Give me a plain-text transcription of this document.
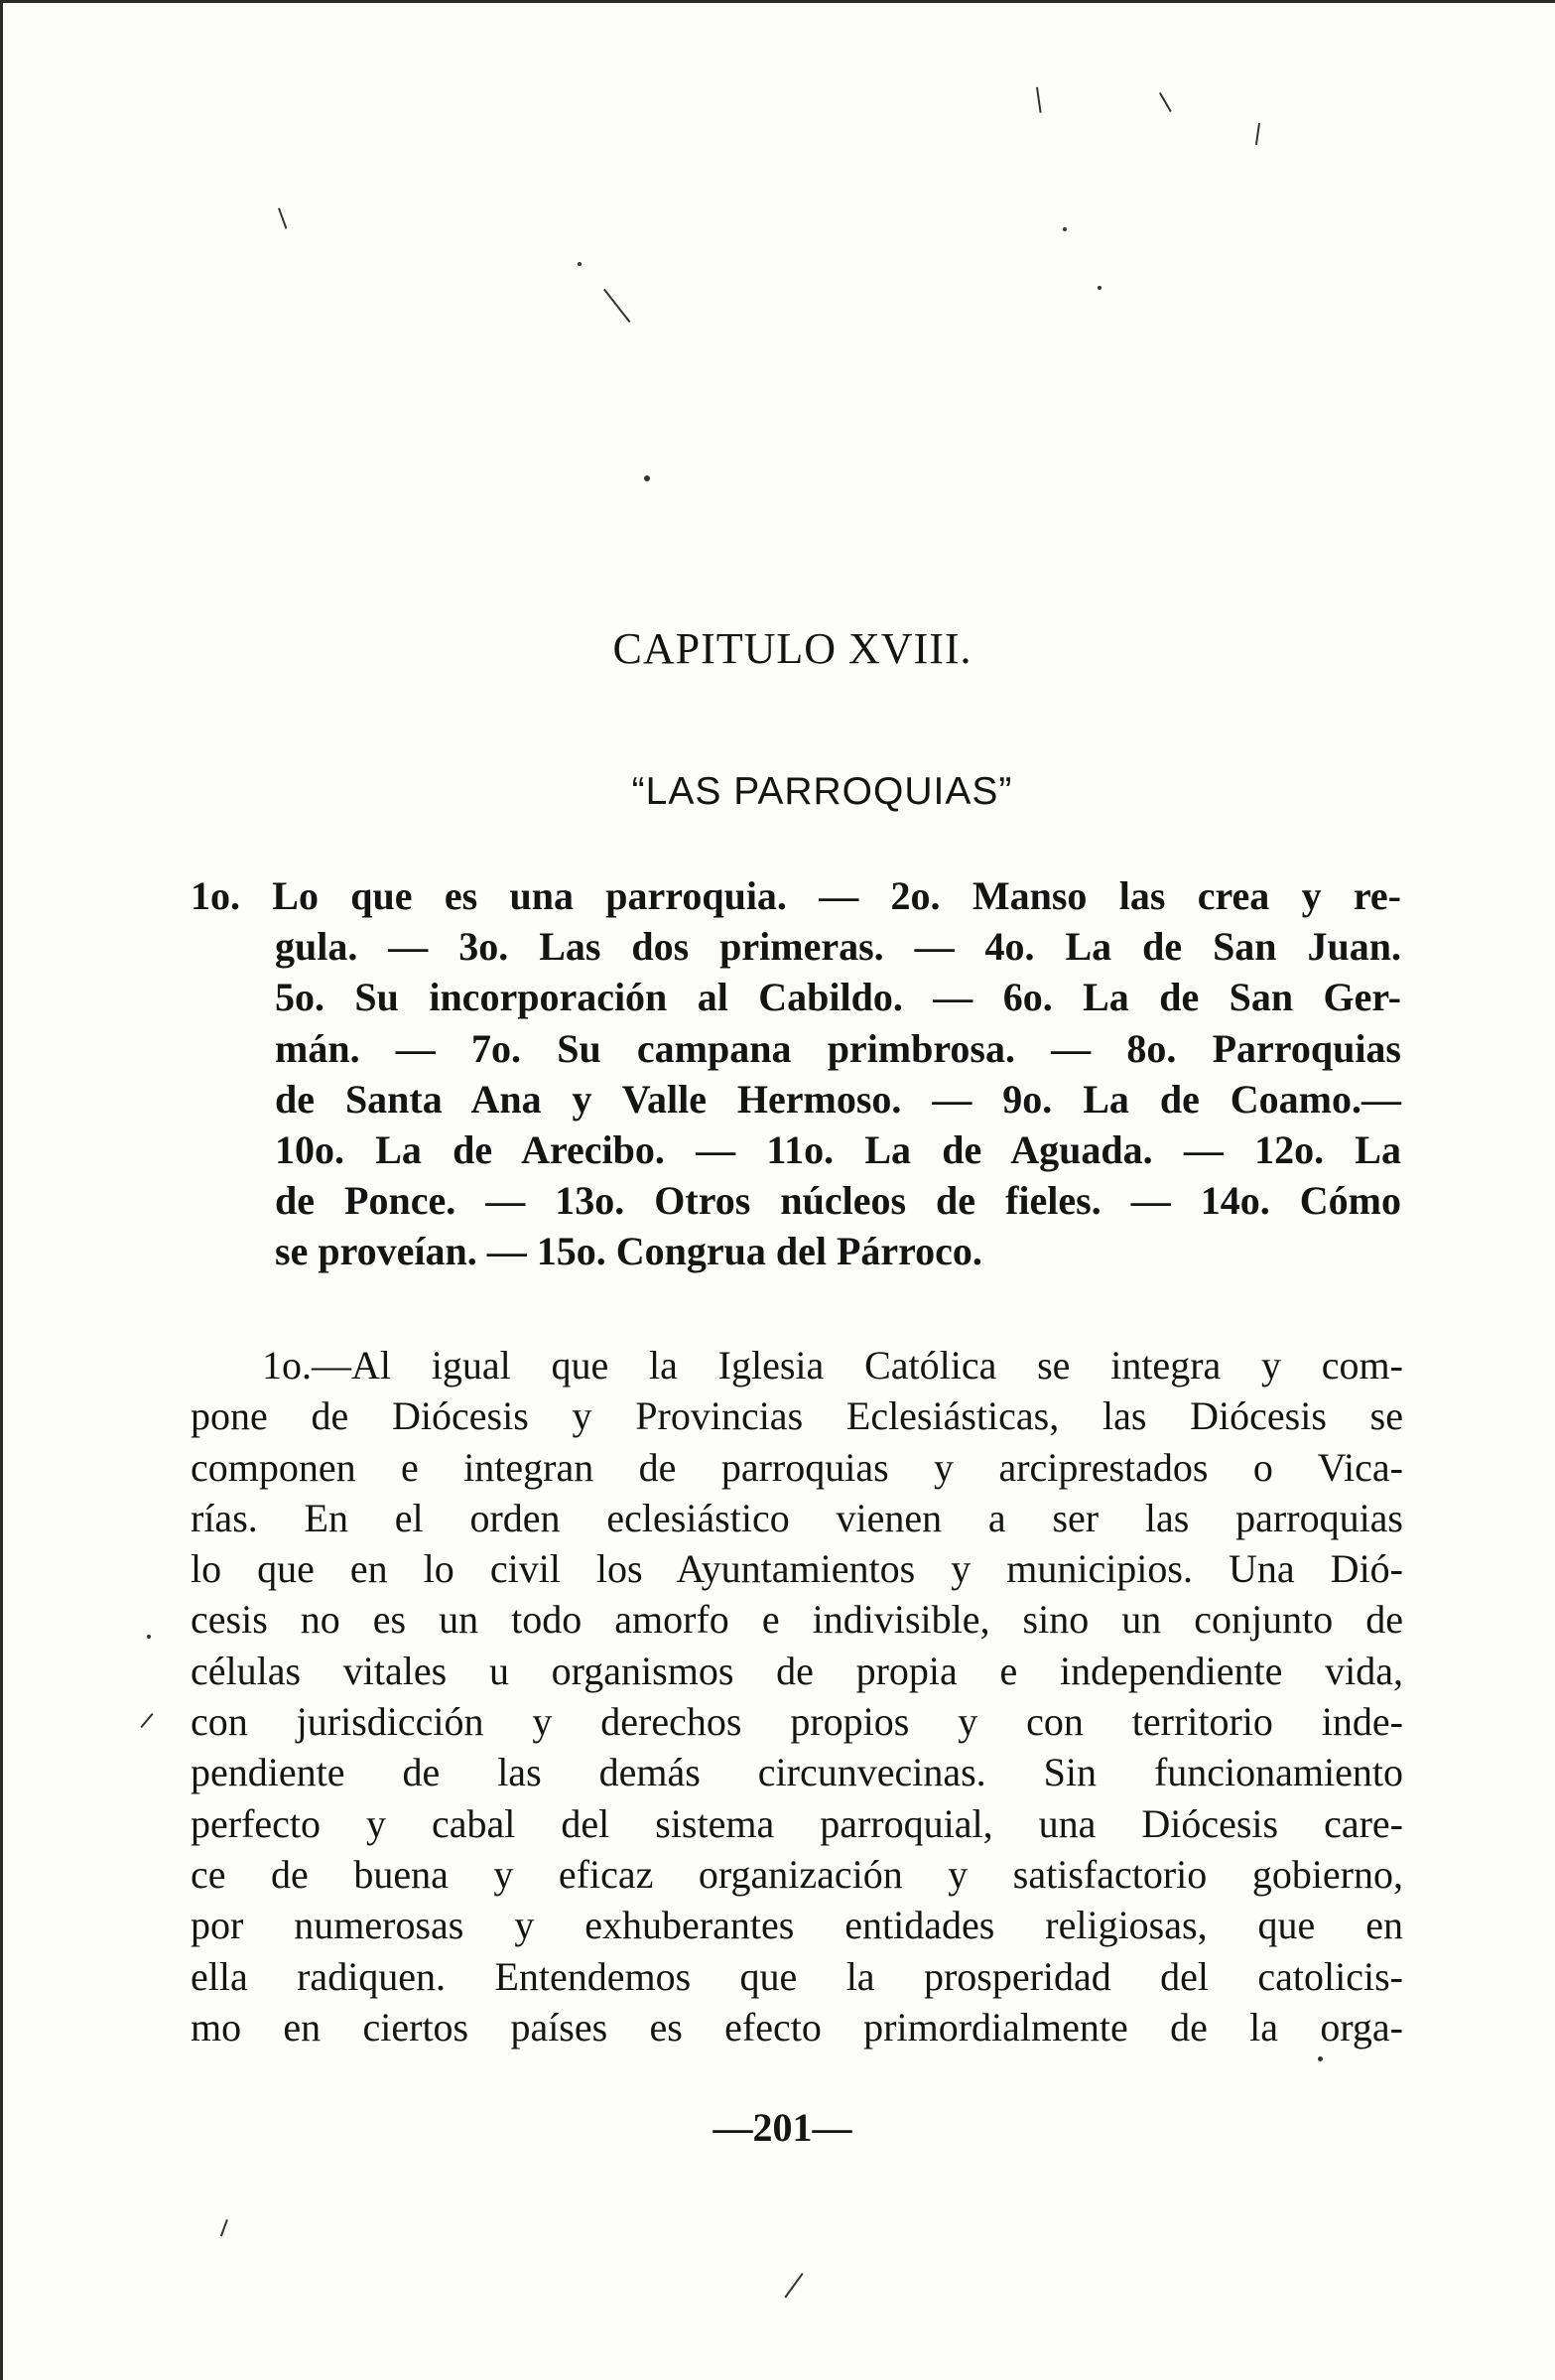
CAPITULO XVIII.
“LAS PARROQUIAS”
1o. Lo que es una parroquia. — 2o. Manso las crea y re-
gula. — 3o. Las dos primeras. — 4o. La de San Juan.
5o. Su incorporación al Cabildo. — 6o. La de San Ger-
mán. — 7o. Su campana primbrosa. — 8o. Parroquias
de Santa Ana y Valle Hermoso. — 9o. La de Coamo.—
10o. La de Arecibo. — 11o. La de Aguada. — 12o. La
de Ponce. — 13o. Otros núcleos de fieles. — 14o. Cómo
se proveían. — 15o. Congrua del Párroco.
1o.—Al igual que la Iglesia Católica se integra y com-
pone de Diócesis y Provincias Eclesiásticas, las Diócesis se
componen e integran de parroquias y arciprestados o Vica-
rías. En el orden eclesiástico vienen a ser las parroquias
lo que en lo civil los Ayuntamientos y municipios. Una Dió-
cesis no es un todo amorfo e indivisible, sino un conjunto de
células vitales u organismos de propia e independiente vida,
con jurisdicción y derechos propios y con territorio inde-
pendiente de las demás circunvecinas. Sin funcionamiento
perfecto y cabal del sistema parroquial, una Diócesis care-
ce de buena y eficaz organización y satisfactorio gobierno,
por numerosas y exhuberantes entidades religiosas, que en
ella radiquen. Entendemos que la prosperidad del catolicis-
mo en ciertos países es efecto primordialmente de la orga-
—201—
